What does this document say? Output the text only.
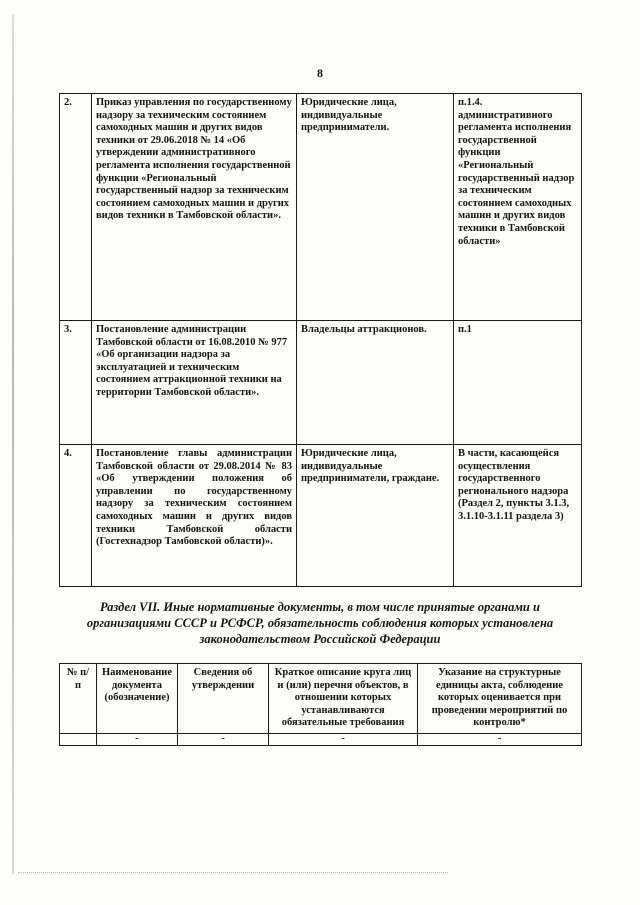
8
2.	Приказ управления по государственному надзору за техническим состоянием самоходных машин и других видов техники от 29.06.2018 № 14 «Об утверждении административного регламента исполнения государственной функции «Региональный государственный надзор за техническим состоянием самоходных машин и других видов техники в Тамбовской области».	Юридические лица, индивидуальные предприниматели.	п.1.4. административного регламента исполнения государственной функции «Региональный государственный надзор за техническим состоянием самоходных машин и других видов техники в Тамбовской области»
3.	Постановление администрации Тамбовской области от 16.08.2010 № 977 «Об организации надзора за эксплуатацией и техническим состоянием аттракционной техники на территории Тамбовской области».	Владельцы аттракционов.	п.1
4.	Постановление главы администрации Тамбовской области от 29.08.2014 № 83 «Об утверждении положения об управлении по государственному надзору за техническим состоянием самоходных машин и других видов техники Тамбовской области (Гостехнадзор Тамбовской области)».	Юридические лица, индивидуальные предприниматели, граждане.	В части, касающейся осуществления государственного регионального надзора (Раздел 2, пункты 3.1.3, 3.1.10-3.1.11 раздела 3)
Раздел VII. Иные нормативные документы, в том числе принятые органами и организациями СССР и РСФСР, обязательность соблюдения которых установлена законодательством Российской Федерации
№ п/п	Наименование документа (обозначение)	Сведения об утверждении	Краткое описание круга лиц и (или) перечня объектов, в отношении которых устанавливаются обязательные требования	Указание на структурные единицы акта, соблюдение которых оценивается при проведении мероприятий по контролю*
	-	-	-	-
